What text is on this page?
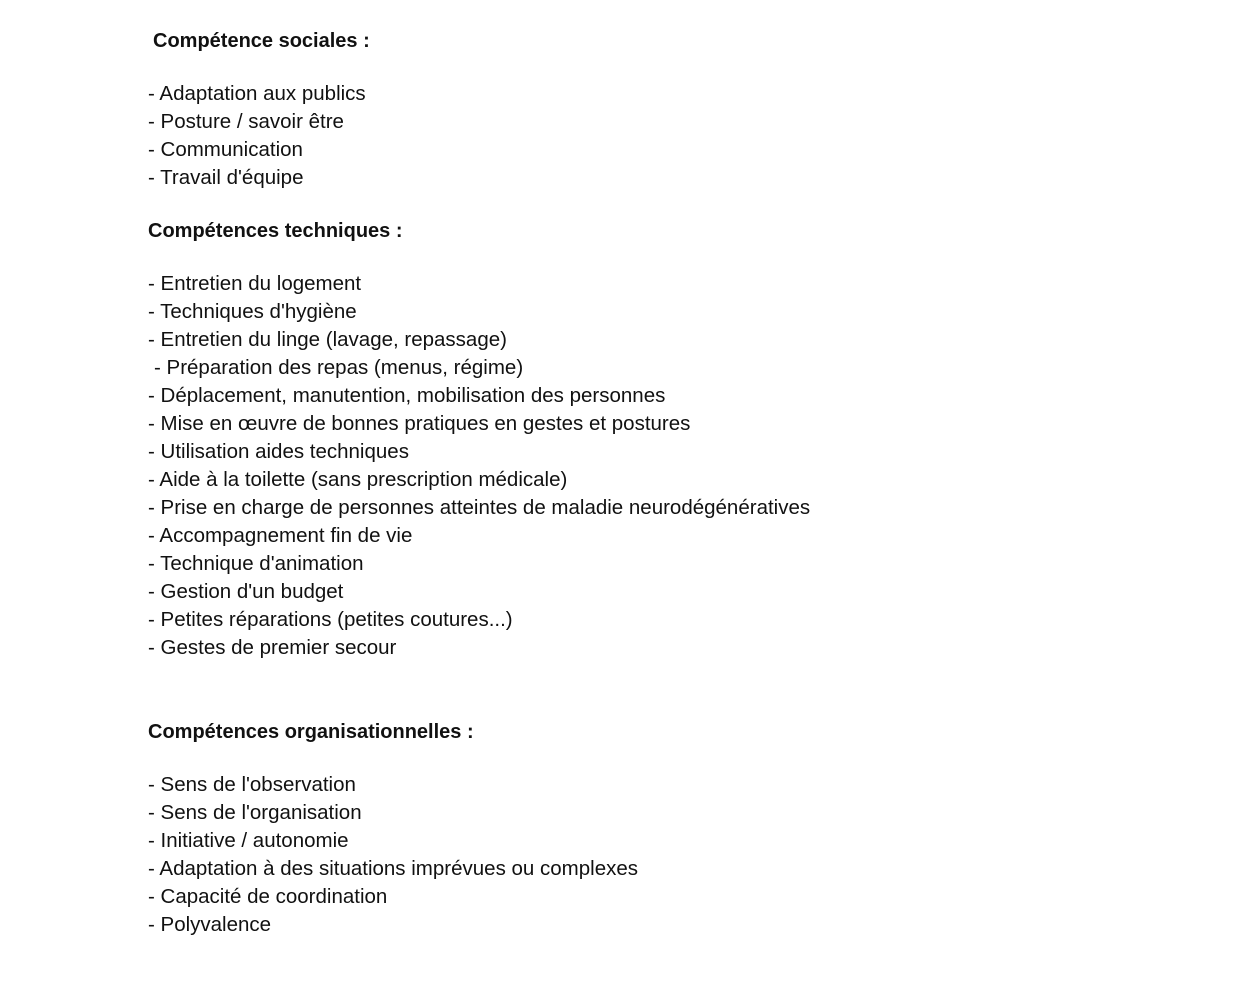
Compétence sociales :
- Adaptation aux publics
- Posture / savoir être
- Communication
- Travail d'équipe
Compétences techniques :
- Entretien du logement
- Techniques d'hygiène
- Entretien du linge (lavage, repassage)
- Préparation des repas (menus, régime)
- Déplacement, manutention, mobilisation des personnes
- Mise en œuvre de bonnes pratiques en gestes et postures
- Utilisation aides techniques
- Aide à la toilette (sans prescription médicale)
- Prise en charge de personnes atteintes de maladie neurodégénératives
- Accompagnement fin de vie
- Technique d'animation
- Gestion d'un budget
- Petites réparations (petites coutures...)
- Gestes de premier secour
Compétences organisationnelles :
- Sens de l'observation
- Sens de l'organisation
- Initiative / autonomie
- Adaptation à des situations imprévues ou complexes
- Capacité de coordination
- Polyvalence
